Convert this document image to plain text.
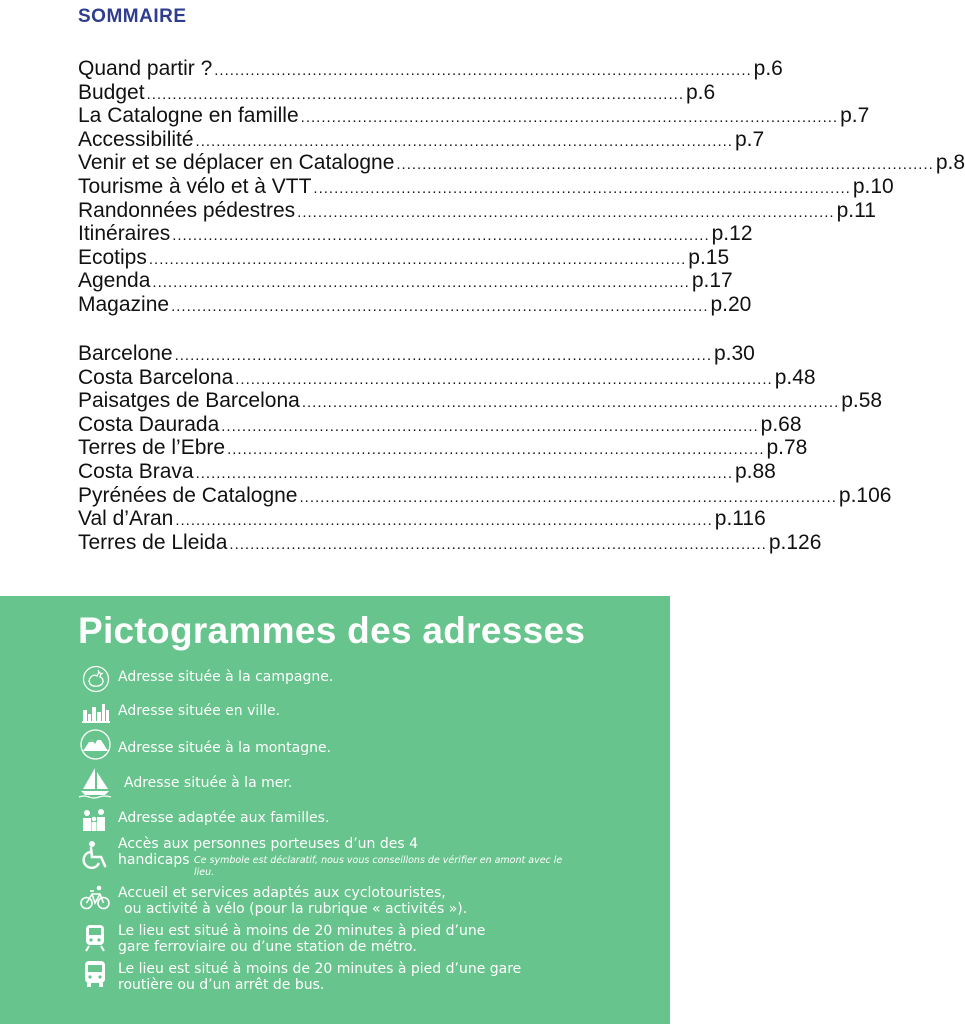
SOMMAIRE
Quand partir ? ........................................................................................................ p.6
Budget ........................................................................................................ p.6
La Catalogne en famille ........................................................................................................ p.7
Accessibilité ........................................................................................................ p.7
Venir et se déplacer en Catalogne ........................................................................................................ p.8
Tourisme à vélo et à VTT ........................................................................................................ p.10
Randonnées pédestres ........................................................................................................ p.11
Itinéraires ........................................................................................................ p.12
Ecotips ........................................................................................................ p.15
Agenda ........................................................................................................ p.17
Magazine ........................................................................................................ p.20
Barcelone ........................................................................................................ p.30
Costa Barcelona ........................................................................................................ p.48
Paisatges de Barcelona ........................................................................................................ p.58
Costa Daurada ........................................................................................................ p.68
Terres de l’Ebre ........................................................................................................ p.78
Costa Brava ........................................................................................................ p.88
Pyrénées de Catalogne ........................................................................................................ p.106
Val d’Aran ........................................................................................................ p.116
Terres de Lleida ........................................................................................................ p.126
Pictogrammes des adresses
Adresse située à la campagne.
Adresse située en ville.
Adresse située à la montagne.
Adresse située à la mer.
Adresse adaptée aux familles.
Accès aux personnes porteuses d’un des 4
handicaps Ce symbole est déclaratif, nous vous conseillons de vérifier en amont avec le lieu.
Accueil et services adaptés aux cyclotouristes,
ou activité à vélo (pour la rubrique « activités »).
Le lieu est situé à moins de 20 minutes à pied d’une
gare ferroviaire ou d’une station de métro.
Le lieu est situé à moins de 20 minutes à pied d’une gare
routière ou d’un arrêt de bus.
